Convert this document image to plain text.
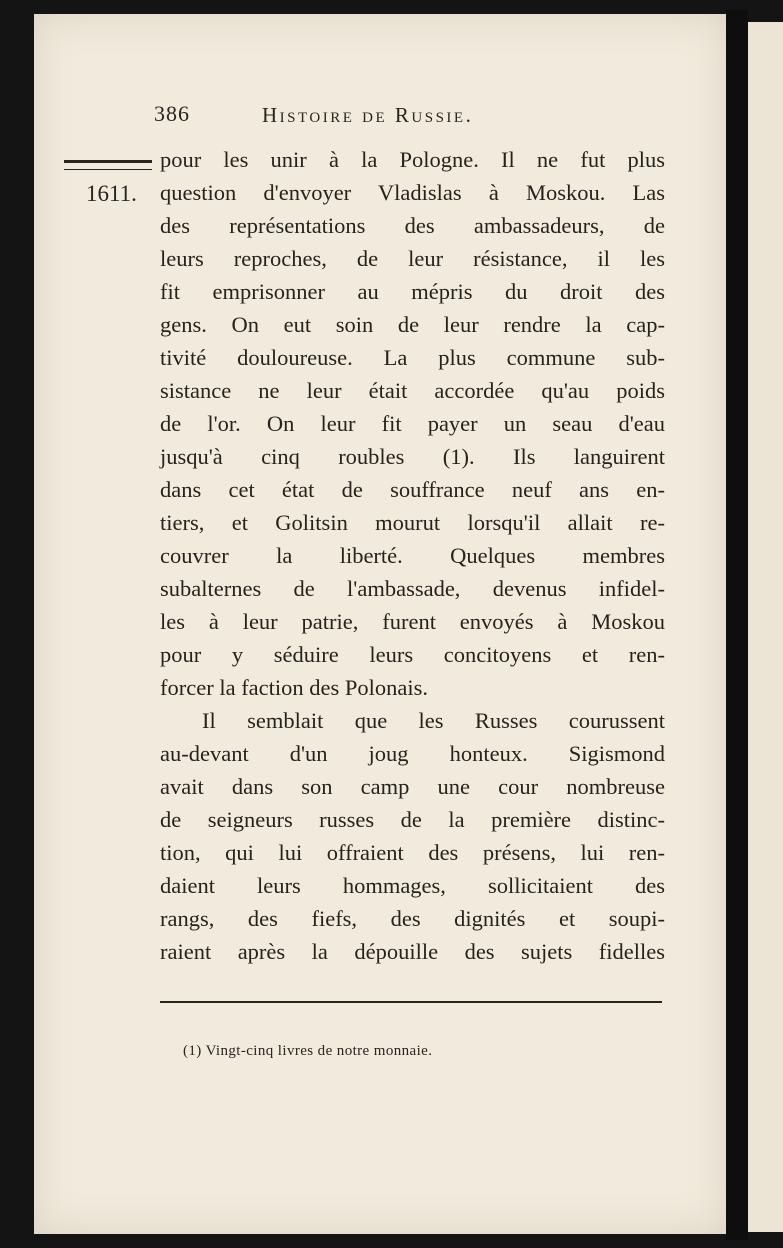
386	Histoire de Russie.
1611.
pour les unir à la Pologne. Il ne fut plus
question d'envoyer Vladislas à Moskou. Las
des représentations des ambassadeurs, de
leurs reproches, de leur résistance, il les
fit emprisonner au mépris du droit des
gens. On eut soin de leur rendre la cap-
tivité douloureuse. La plus commune sub-
sistance ne leur était accordée qu'au poids
de l'or. On leur fit payer un seau d'eau
jusqu'à cinq roubles (1). Ils languirent
dans cet état de souffrance neuf ans en-
tiers, et Golitsin mourut lorsqu'il allait re-
couvrer la liberté. Quelques membres
subalternes de l'ambassade, devenus infidel-
les à leur patrie, furent envoyés à Moskou
pour y séduire leurs concitoyens et ren-
forcer la faction des Polonais.
Il semblait que les Russes courussent
au-devant d'un joug honteux. Sigismond
avait dans son camp une cour nombreuse
de seigneurs russes de la première distinc-
tion, qui lui offraient des présens, lui ren-
daient leurs hommages, sollicitaient des
rangs, des fiefs, des dignités et soupi-
raient après la dépouille des sujets fidelles
(1) Vingt-cinq livres de notre monnaie.
